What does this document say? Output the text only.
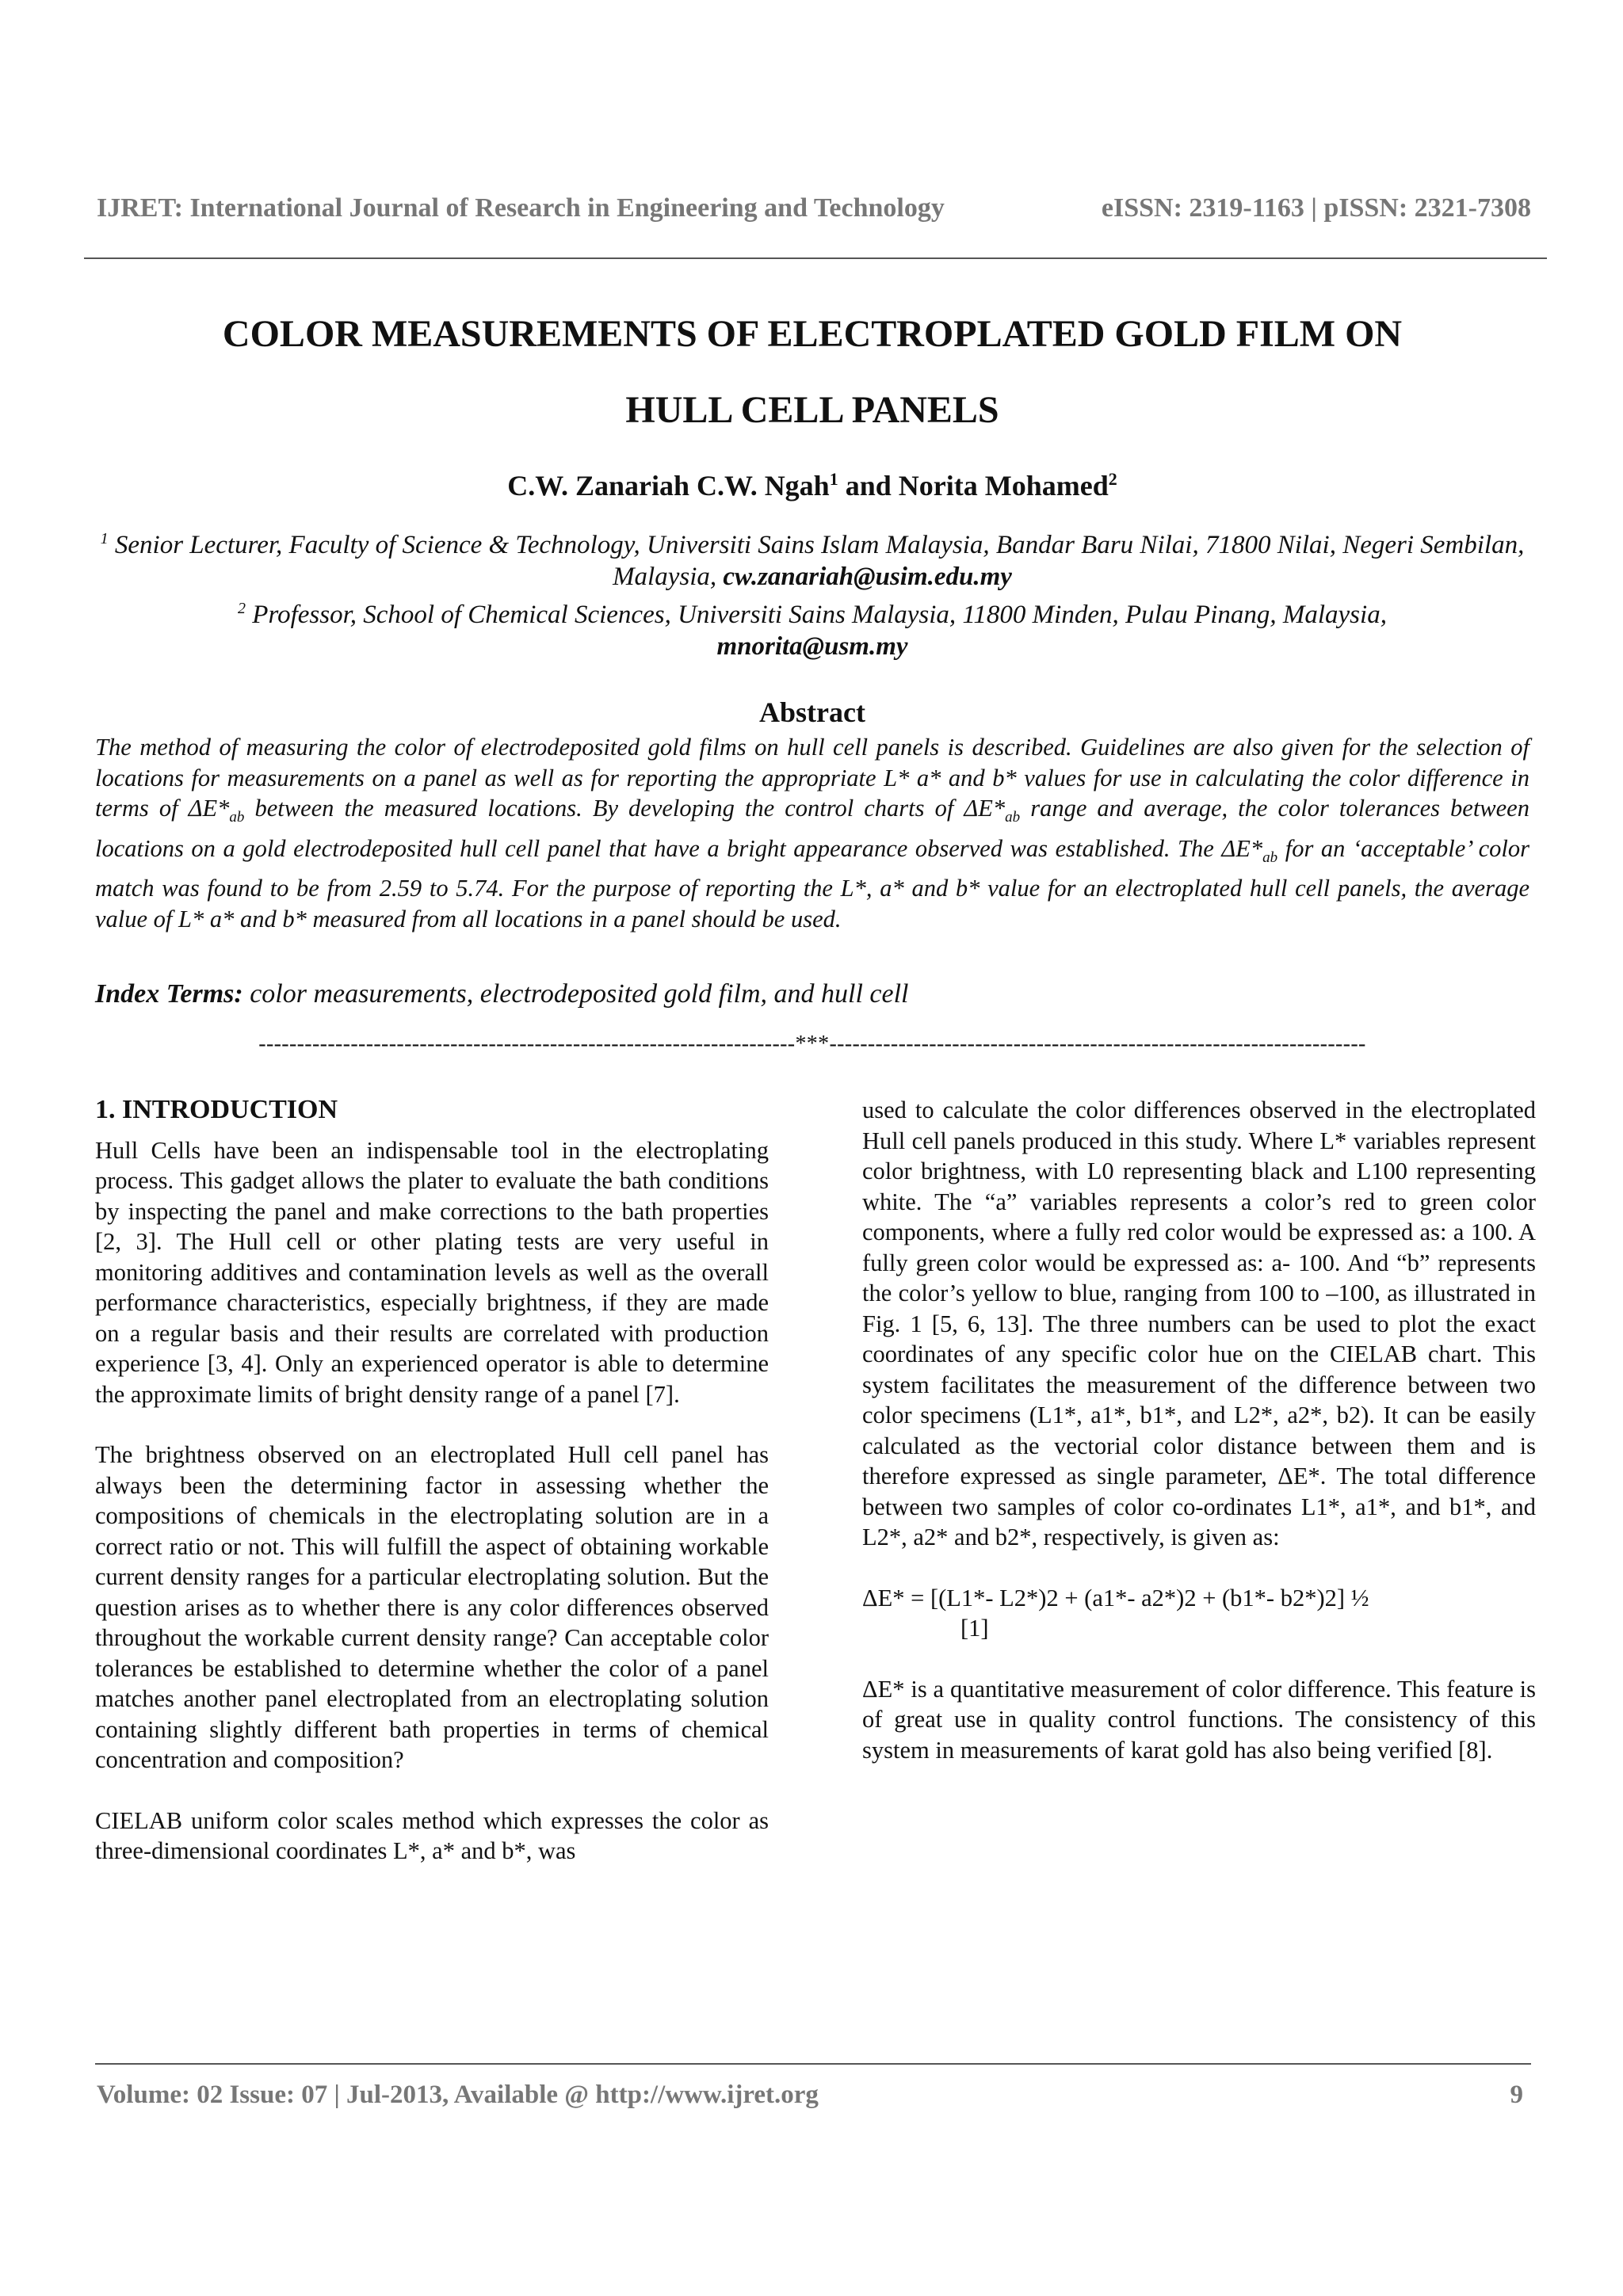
IJRET: International Journal of Research in Engineering and Technology	eISSN: 2319-1163 | pISSN: 2321-7308
COLOR MEASUREMENTS OF ELECTROPLATED GOLD FILM ON
HULL CELL PANELS
C.W. Zanariah C.W. Ngah$^1$ and Norita Mohamed$^2$
$^1$ Senior Lecturer, Faculty of Science & Technology, Universiti Sains Islam Malaysia, Bandar Baru Nilai, 71800 Nilai, Negeri Sembilan, Malaysia, cw.zanariah@usim.edu.my
$^2$ Professor, School of Chemical Sciences, Universiti Sains Malaysia, 11800 Minden, Pulau Pinang, Malaysia,
mnorita@usm.my
Abstract
The method of measuring the color of electrodeposited gold films on hull cell panels is described. Guidelines are also given for the selection of locations for measurements on a panel as well as for reporting the appropriate L* a* and b* values for use in calculating the color difference in terms of $\Delta E*_{ab}$ between the measured locations. By developing the control charts of $\Delta E*_{ab}$ range and average, the color tolerances between locations on a gold electrodeposited hull cell panel that have a bright appearance observed was established. The $\Delta E*_{ab}$ for an ‘acceptable’ color match was found to be from 2.59 to 5.74. For the purpose of reporting the L*, a* and b* value for an electroplated hull cell panels, the average value of L* a* and b* measured from all locations in a panel should be used.
Index Terms: color measurements, electrodeposited gold film, and hull cell
----------------------------------------------------------------------***----------------------------------------------------------------------
1. INTRODUCTION

Hull Cells have been an indispensable tool in the electroplating process. This gadget allows the plater to evaluate the bath conditions by inspecting the panel and make corrections to the bath properties [2, 3]. The Hull cell or other plating tests are very useful in monitoring additives and contamination levels as well as the overall performance characteristics, especially brightness, if they are made on a regular basis and their results are correlated with production experience [3, 4]. Only an experienced operator is able to determine the approximate limits of bright density range of a panel [7].

The brightness observed on an electroplated Hull cell panel has always been the determining factor in assessing whether the compositions of chemicals in the electroplating solution are in a correct ratio or not. This will fulfill the aspect of obtaining workable current density ranges for a particular electroplating solution. But the question arises as to whether there is any color differences observed throughout the workable current density range? Can acceptable color tolerances be established to determine whether the color of a panel matches another panel electroplated from an electroplating solution containing slightly different bath properties in terms of chemical concentration and composition?

CIELAB uniform color scales method which expresses the color as three-dimensional coordinates L*, a* and b*, was

used to calculate the color differences observed in the electroplated Hull cell panels produced in this study. Where L* variables represent color brightness, with L0 representing black and L100 representing white. The “a” variables represents a color’s red to green color components, where a fully red color would be expressed as: a 100. A fully green color would be expressed as: a- 100. And “b” represents the color’s yellow to blue, ranging from 100 to –100, as illustrated in Fig. 1 [5, 6, 13]. The three numbers can be used to plot the exact coordinates of any specific color hue on the CIELAB chart. This system facilitates the measurement of the difference between two color specimens (L1*, a1*, b1*, and L2*, a2*, b2). It can be easily calculated as the vectorial color distance between them and is therefore expressed as single parameter, ΔE*. The total difference between two samples of color co-ordinates L1*, a1*, and b1*, and L2*, a2* and b2*, respectively, is given as:

ΔE* = [(L1*- L2*)2 + (a1*- a2*)2 + (b1*- b2*)2] ½
[1]

ΔE* is a quantitative measurement of color difference. This feature is of great use in quality control functions. The consistency of this system in measurements of karat gold has also being verified [8].

Volume: 02 Issue: 07 | Jul-2013, Available @ http://www.ijret.org	9
